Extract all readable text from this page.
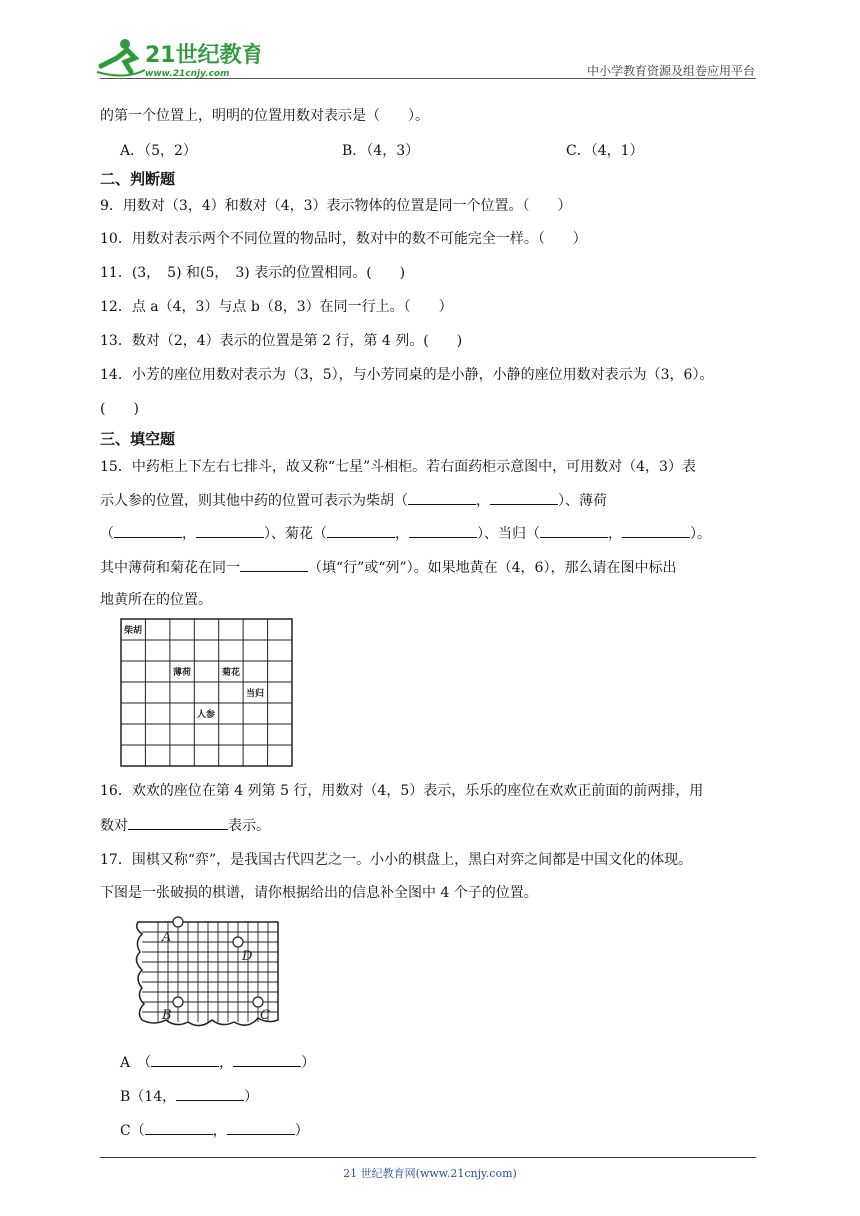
21世纪教育
www.21cnjy.com	中小学教育资源及组卷应用平台
的第一个位置上，明明的位置用数对表示是（　　）。
A．（5，2）	B．（4，3）	C．（4，1）
二、判断题
9．用数对（3，4）和数对（4，3）表示物体的位置是同一个位置。（　　）
10．用数对表示两个不同位置的物品时，数对中的数不可能完全一样。（　　）
11．(3，　5) 和(5，　3) 表示的位置相同。(　　)
12．点 a（4，3）与点 b（8，3）在同一行上。（　　）
13．数对（2，4）表示的位置是第 2 行，第 4 列。(　　)
14．小芳的座位用数对表示为（3，5），与小芳同桌的是小静，小静的座位用数对表示为（3，6）。
(　　)
三、填空题
15．中药柜上下左右七排斗，故又称“七星”斗相柜。若右面药柜示意图中，可用数对（4，3）表
示人参的位置，则其他中药的位置可表示为柴胡（	，	）、薄荷
（	，	）、菊花（	，	）、当归（	，	）。
其中薄荷和菊花在同一	（填“行”或“列”）。如果地黄在（4，6），那么请在图中标出
地黄所在的位置。
柴胡
薄荷	菊花
当归
人参
16．欢欢的座位在第 4 列第 5 行，用数对（4，5）表示，乐乐的座位在欢欢正前面的前两排，用
数对	表示。
17．围棋又称“弈”，是我国古代四艺之一。小小的棋盘上，黑白对弈之间都是中国文化的体现。
下图是一张破损的棋谱，请你根据给出的信息补全图中 4 个子的位置。
A
D
B	C
A　（	，	）
B（14，	）
C（	，	）
21 世纪教育网(www.21cnjy.com)
